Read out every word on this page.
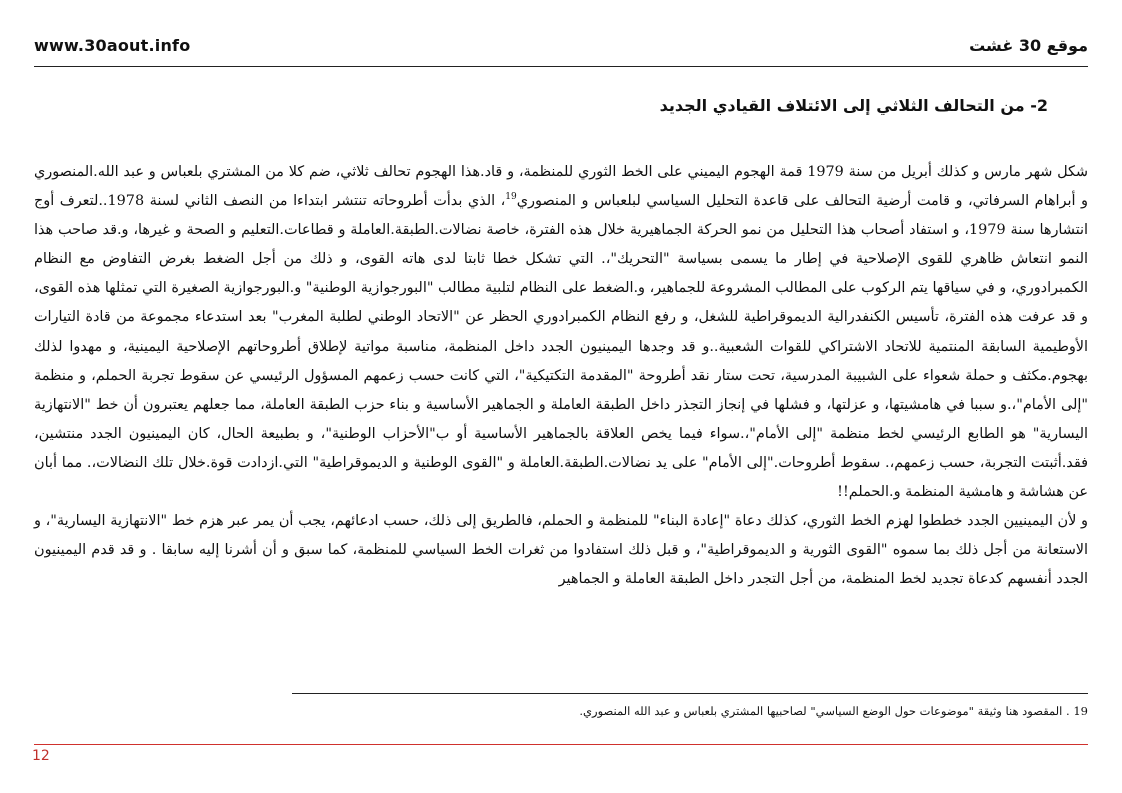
www.30aout.info	موقع 30 غشت
2- من التحالف الثلاثي إلى الائتلاف القيادي الجديد

شكل شهر مارس و كذلك أبريل من سنة 1979 قمة الهجوم اليميني على الخط الثوري للمنظمة، و قاد.هذا الهجوم تحالف ثلاثي، ضم كلا من المشتري بلعباس و عبد الله.المنصوري و أبراهام السرفاتي، و قامت أرضية التحالف على قاعدة التحليل السياسي لبلعباس و المنصوري$^{19}$، الذي بدأت أطروحاته تنتشر ابتداءا من النصف الثاني لسنة 1978..لتعرف أوج انتشارها سنة 1979، و استفاد أصحاب هذا التحليل من نمو الحركة الجماهيرية خلال هذه الفترة، خاصة نضالات.الطبقة.العاملة و قطاعات.التعليم و الصحة و غيرها، و.قد صاحب هذا النمو انتعاش ظاهري للقوى الإصلاحية في إطار ما يسمى بسياسة "التحريك"،. التي تشكل خطا ثابتا لدى هاته القوى، و ذلك من أجل الضغط بغرض التفاوض مع النظام الكمبرادوري، و في سياقها يتم الركوب على المطالب المشروعة للجماهير، و.الضغط على النظام لتلبية مطالب "البورجوازية الوطنية" و.البورجوازية الصغيرة التي تمثلها هذه القوى، و قد عرفت هذه الفترة، تأسيس الكنفدرالية الديموقراطية للشغل، و رفع النظام الكمبرادوري الحظر عن "الاتحاد الوطني لطلبة المغرب" بعد استدعاء مجموعة من قادة التيارات الأوطيمية السابقة المنتمية للاتحاد الاشتراكي للقوات الشعبية..و قد وجدها اليمينيون الجدد داخل المنظمة، مناسبة مواتية لإطلاق أطروحاتهم الإصلاحية اليمينية، و مهدوا لذلك بهجوم.مكثف و حملة شعواء على الشبيبة المدرسية، تحت ستار نقد أطروحة "المقدمة التكتيكية"، التي كانت حسب زعمهم المسؤول الرئيسي عن سقوط تجربة الحملم، و منظمة "إلى الأمام"،.و سببا في هامشيتها، و عزلتها، و فشلها في إنجاز التجذر داخل الطبقة العاملة و الجماهير الأساسية و بناء حزب الطبقة العاملة، مما جعلهم يعتبرون أن خط "الانتهازية اليسارية" هو الطابع الرئيسي لخط منظمة "إلى الأمام"،.سواء فيما يخص العلاقة بالجماهير الأساسية أو ب"الأحزاب الوطنية"، و بطبيعة الحال، كان اليمينيون الجدد منتشين، فقد.أثبتت التجربة، حسب زعمهم،. سقوط أطروحات."إلى الأمام" على يد نضالات.الطبقة.العاملة و "القوى الوطنية و الديموقراطية" التي.ازدادت قوة.خلال تلك النضالات،. مما أبان عن هشاشة و هامشية المنظمة و.الحملم!!

و لأن اليمينيين الجدد خططوا لهزم الخط الثوري، كذلك دعاة "إعادة البناء" للمنظمة و الحملم، فالطريق إلى ذلك، حسب ادعائهم، يجب أن يمر عبر هزم خط "الانتهازية اليسارية"، و الاستعانة من أجل ذلك بما سموه "القوى الثورية و الديموقراطية"، و قبل ذلك استفادوا من ثغرات الخط السياسي للمنظمة، كما سبق و أن أشرنا إليه سابقا . و قد قدم اليمينيون الجدد أنفسهم كدعاة تجديد لخط المنظمة، من أجل التجدر داخل الطبقة العاملة و الجماهير

19 . المقصود هنا وثيقة "موضوعات حول الوضع السياسي" لصاحبيها المشتري بلعباس و عبد الله المنصوري.
12
